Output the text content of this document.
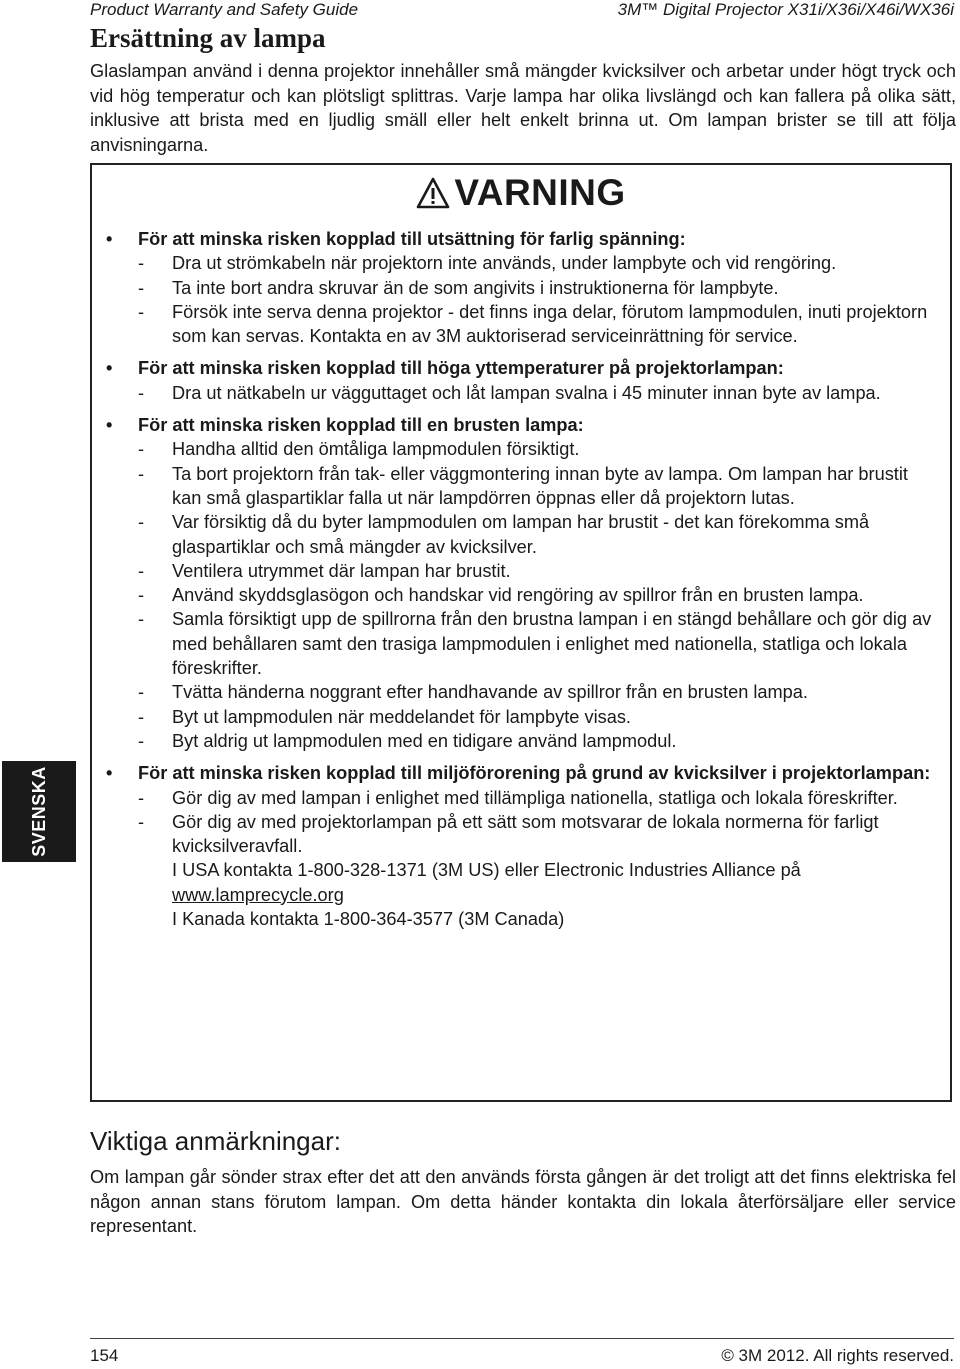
Product Warranty and Safety Guide	3M™ Digital Projector X31i/X36i/X46i/WX36i
Ersättning av lampa

Glaslampan använd i denna projektor innehåller små mängder kvicksilver och arbetar under högt tryck och vid hög temperatur och kan plötsligt splittras. Varje lampa har olika livslängd och kan fallera på olika sätt, inklusive att brista med en ljudlig smäll eller helt enkelt brinna ut. Om lampan brister se till att följa anvisningarna.

VARNING
• För att minska risken kopplad till utsättning för farlig spänning:
- Dra ut strömkabeln när projektorn inte används, under lampbyte och vid rengöring.
- Ta inte bort andra skruvar än de som angivits i instruktionerna för lampbyte.
- Försök inte serva denna projektor - det finns inga delar, förutom lampmodulen, inuti projektorn som kan servas. Kontakta en av 3M auktoriserad serviceinrättning för service.
• För att minska risken kopplad till höga yttemperaturer på projektorlampan:
- Dra ut nätkabeln ur vägguttaget och låt lampan svalna i 45 minuter innan byte av lampa.
• För att minska risken kopplad till en brusten lampa:
- Handha alltid den ömtåliga lampmodulen försiktigt.
- Ta bort projektorn från tak- eller väggmontering innan byte av lampa. Om lampan har brustit kan små glaspartiklar falla ut när lampdörren öppnas eller då projektorn lutas.
- Var försiktig då du byter lampmodulen om lampan har brustit - det kan förekomma små glaspartiklar och små mängder av kvicksilver.
- Ventilera utrymmet där lampan har brustit.
- Använd skyddsglasögon och handskar vid rengöring av spillror från en brusten lampa.
- Samla försiktigt upp de spillrorna från den brustna lampan i en stängd behållare och gör dig av med behållaren samt den trasiga lampmodulen i enlighet med nationella, statliga och lokala föreskrifter.
- Tvätta händerna noggrant efter handhavande av spillror från en brusten lampa.
- Byt ut lampmodulen när meddelandet för lampbyte visas.
- Byt aldrig ut lampmodulen med en tidigare använd lampmodul.
• För att minska risken kopplad till miljöförorening på grund av kvicksilver i projektorlampan:
- Gör dig av med lampan i enlighet med tillämpliga nationella, statliga och lokala föreskrifter.
- Gör dig av med projektorlampan på ett sätt som motsvarar de lokala normerna för farligt kvicksilveravfall.
I USA kontakta 1-800-328-1371 (3M US) eller Electronic Industries Alliance på
www.lamprecycle.org
I Kanada kontakta 1-800-364-3577 (3M Canada)
SVENSKA
Viktiga anmärkningar:

Om lampan går sönder strax efter det att den används första gången är det troligt att det finns elektriska fel någon annan stans förutom lampan. Om detta händer kontakta din lokala återförsäljare eller service representant.

154	© 3M 2012. All rights reserved.
